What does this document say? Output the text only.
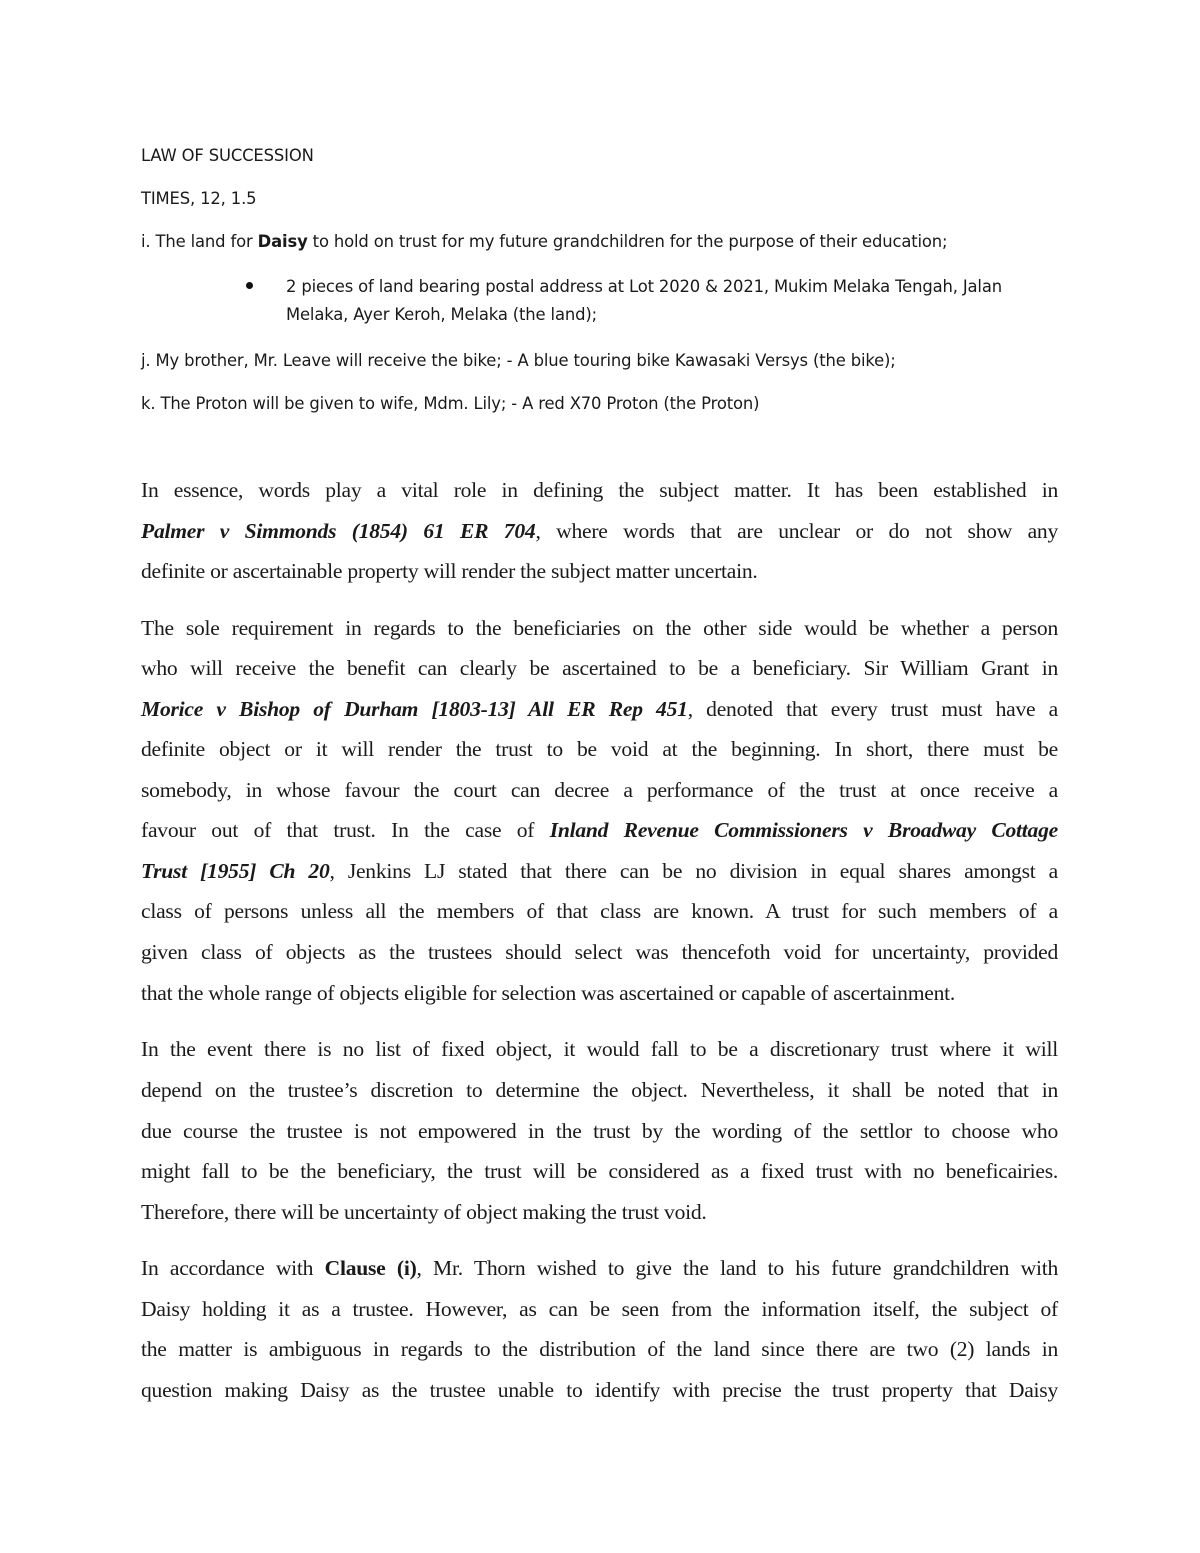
LAW OF SUCCESSION

TIMES, 12, 1.5

i. The land for Daisy to hold on trust for my future grandchildren for the purpose of their education;

2 pieces of land bearing postal address at Lot 2020 & 2021, Mukim Melaka Tengah, Jalan

Melaka, Ayer Keroh, Melaka (the land);

j. My brother, Mr. Leave will receive the bike; - A blue touring bike Kawasaki Versys (the bike);

k. The Proton will be given to wife, Mdm. Lily; - A red X70 Proton (the Proton)

In essence, words play a vital role in defining the subject matter. It has been established in

Palmer v Simmonds (1854) 61 ER 704, where words that are unclear or do not show any

definite or ascertainable property will render the subject matter uncertain.

The sole requirement in regards to the beneficiaries on the other side would be whether a person

who will receive the benefit can clearly be ascertained to be a beneficiary. Sir William Grant in

Morice v Bishop of Durham [1803-13] All ER Rep 451, denoted that every trust must have a

definite object or it will render the trust to be void at the beginning. In short, there must be

somebody, in whose favour the court can decree a performance of the trust at once receive a

favour out of that trust. In the case of Inland Revenue Commissioners v Broadway Cottage

Trust [1955] Ch 20, Jenkins LJ stated that there can be no division in equal shares amongst a

class of persons unless all the members of that class are known. A trust for such members of a

given class of objects as the trustees should select was thencefoth void for uncertainty, provided

that the whole range of objects eligible for selection was ascertained or capable of ascertainment.

In the event there is no list of fixed object, it would fall to be a discretionary trust where it will

depend on the trustee’s discretion to determine the object. Nevertheless, it shall be noted that in

due course the trustee is not empowered in the trust by the wording of the settlor to choose who

might fall to be the beneficiary, the trust will be considered as a fixed trust with no beneficairies.

Therefore, there will be uncertainty of object making the trust void.

In accordance with Clause (i), Mr. Thorn wished to give the land to his future grandchildren with

Daisy holding it as a trustee. However, as can be seen from the information itself, the subject of

the matter is ambiguous in regards to the distribution of the land since there are two (2) lands in

question making Daisy as the trustee unable to identify with precise the trust property that Daisy
